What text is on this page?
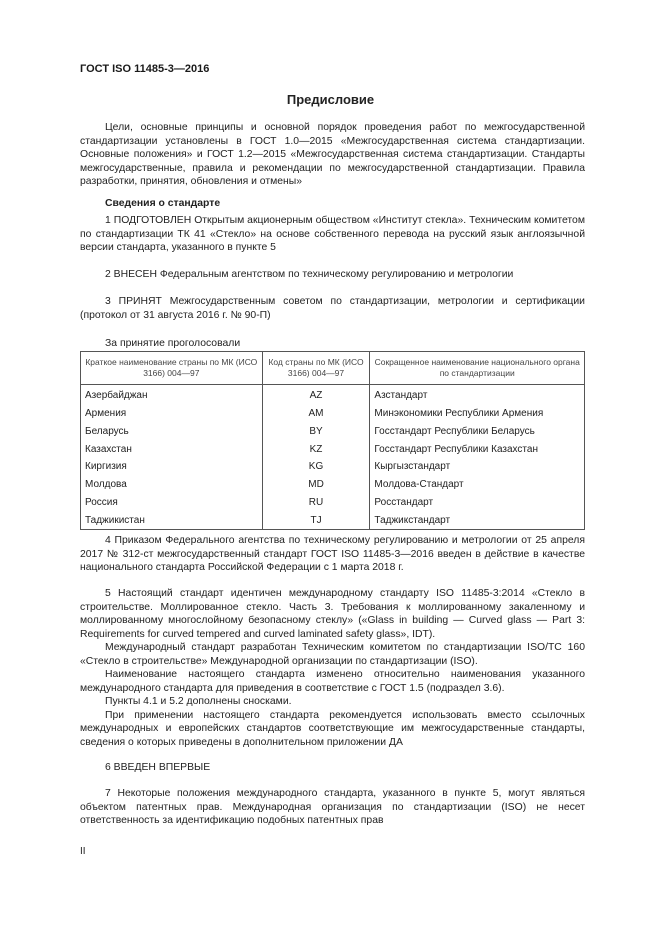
ГОСТ ISO 11485-3—2016
Предисловие

Цели, основные принципы и основной порядок проведения работ по межгосударственной стандартизации установлены в ГОСТ 1.0—2015 «Межгосударственная система стандартизации. Основные положения» и ГОСТ 1.2—2015 «Межгосударственная система стандартизации. Стандарты межгосударственные, правила и рекомендации по межгосударственной стандартизации. Правила разработки, принятия, обновления и отмены»

Сведения о стандарте

1 ПОДГОТОВЛЕН Открытым акционерным обществом «Институт стекла». Техническим комитетом по стандартизации ТК 41 «Стекло» на основе собственного перевода на русский язык англоязычной версии стандарта, указанного в пункте 5

2 ВНЕСЕН Федеральным агентством по техническому регулированию и метрологии

3 ПРИНЯТ Межгосударственным советом по стандартизации, метрологии и сертификации (протокол от 31 августа 2016 г. № 90-П)

За принятие проголосовали
Краткое наименование страны по МК (ИСО 3166) 004—97	Код страны по МК (ИСО 3166) 004—97	Сокращенное наименование национального органа по стандартизации
Азербайджан	AZ	Азстандарт
Армения	AM	Минэкономики Республики Армения
Беларусь	BY	Госстандарт Республики Беларусь
Казахстан	KZ	Госстандарт Республики Казахстан
Киргизия	KG	Кыргызстандарт
Молдова	MD	Молдова-Стандарт
Россия	RU	Росстандарт
Таджикистан	TJ	Таджикстандарт

4 Приказом Федерального агентства по техническому регулированию и метрологии от 25 апреля 2017 № 312-ст межгосударственный стандарт ГОСТ ISO 11485-3—2016 введен в действие в качестве национального стандарта Российской Федерации с 1 марта 2018 г.

5 Настоящий стандарт идентичен международному стандарту ISO 11485-3:2014 «Стекло в строительстве. Моллированное стекло. Часть 3. Требования к моллированному закаленному и моллированному многослойному безопасному стеклу» («Glass in building — Curved glass — Part 3: Requirements for curved tempered and curved laminated safety glass», IDT).

Международный стандарт разработан Техническим комитетом по стандартизации ISO/TC 160 «Стекло в строительстве» Международной организации по стандартизации (ISO).

Наименование настоящего стандарта изменено относительно наименования указанного международного стандарта для приведения в соответствие с ГОСТ 1.5 (подраздел 3.6).

Пункты 4.1 и 5.2 дополнены сносками.

При применении настоящего стандарта рекомендуется использовать вместо ссылочных международных и европейских стандартов соответствующие им межгосударственные стандарты, сведения о которых приведены в дополнительном приложении ДА

6 ВВЕДЕН ВПЕРВЫЕ

7 Некоторые положения международного стандарта, указанного в пункте 5, могут являться объектом патентных прав. Международная организация по стандартизации (ISO) не несет ответственность за идентификацию подобных патентных прав

II
